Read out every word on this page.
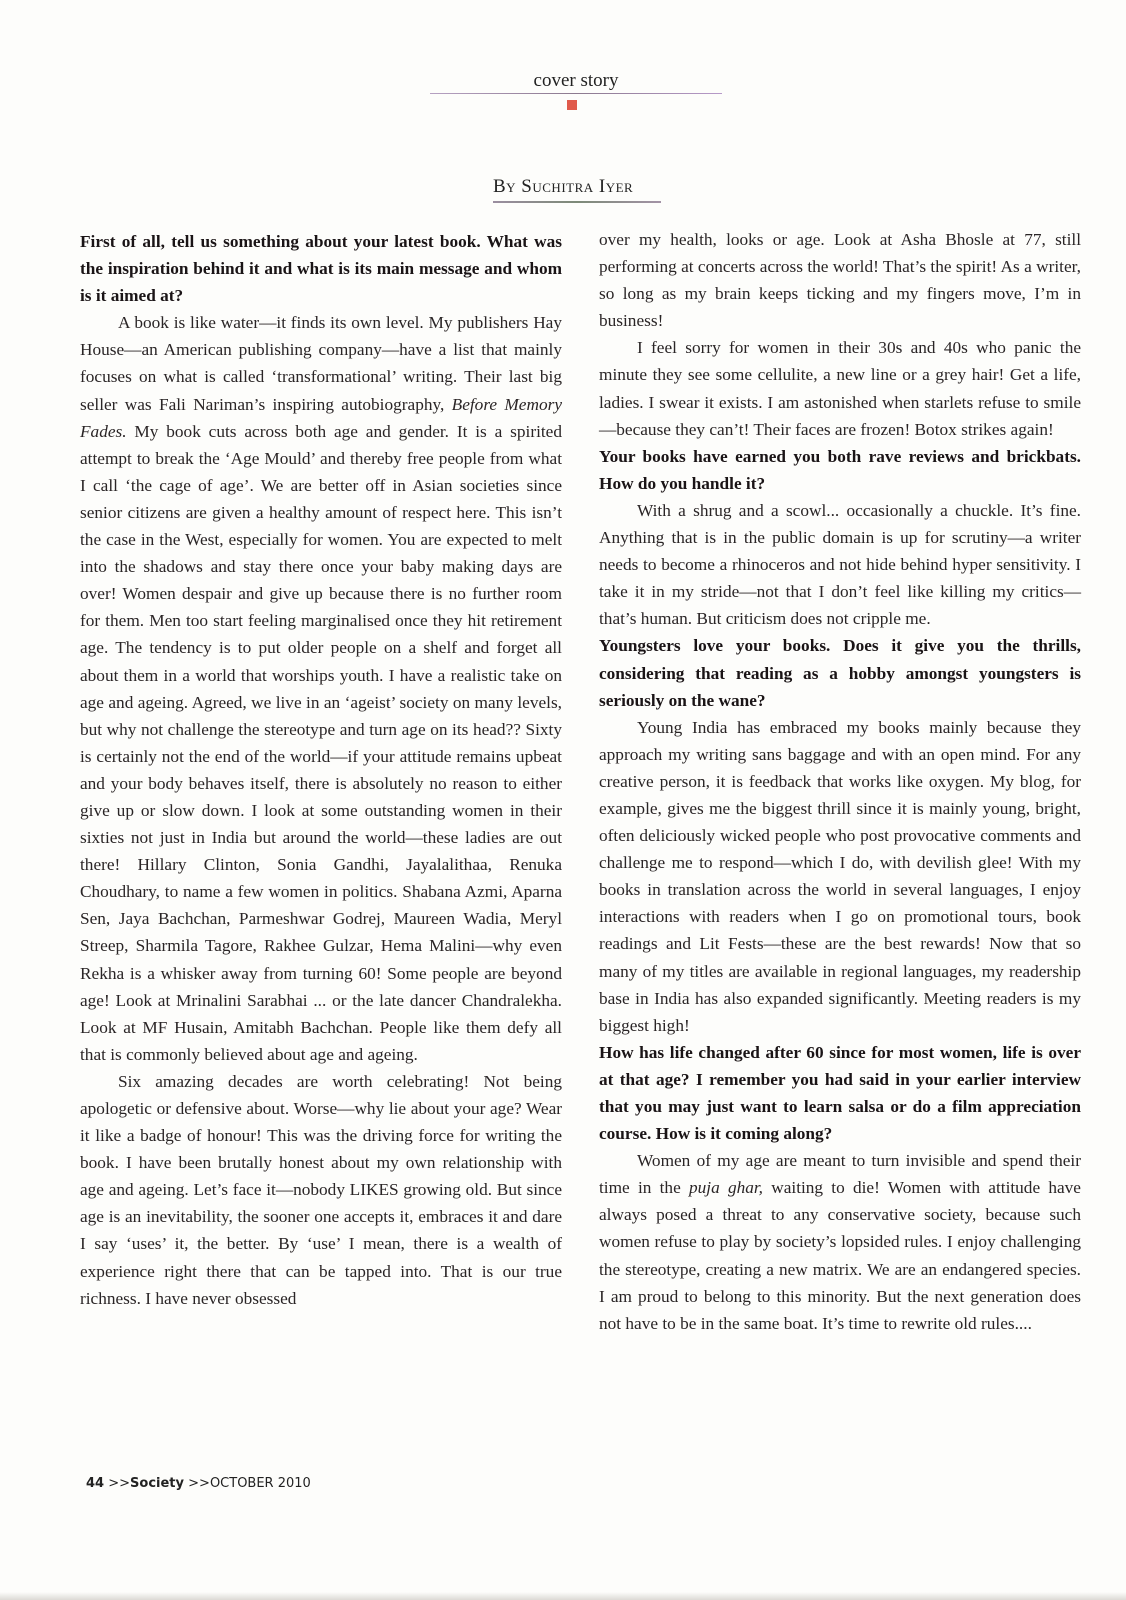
cover story
By Suchitra Iyer

First of all, tell us something about your latest book. What was the inspiration behind it and what is its main message and whom is it aimed at?

A book is like water—it finds its own level. My publishers Hay House—an American publishing company—have a list that mainly focuses on what is called ‘transformational’ writing. Their last big seller was Fali Nariman’s inspiring autobiography, Before Memory Fades. My book cuts across both age and gender. It is a spirited attempt to break the ‘Age Mould’ and thereby free people from what I call ‘the cage of age’. We are better off in Asian societies since senior citizens are given a healthy amount of respect here. This isn’t the case in the West, especially for women. You are expected to melt into the shadows and stay there once your baby making days are over! Women despair and give up because there is no further room for them. Men too start feeling marginalised once they hit retirement age. The tendency is to put older people on a shelf and forget all about them in a world that worships youth. I have a realistic take on age and ageing. Agreed, we live in an ‘ageist’ society on many levels, but why not challenge the stereotype and turn age on its head?? Sixty is certainly not the end of the world—if your attitude remains upbeat and your body behaves itself, there is absolutely no reason to either give up or slow down. I look at some outstanding women in their sixties not just in India but around the world—these ladies are out there! Hillary Clinton, Sonia Gandhi, Jayalalithaa, Renuka Choudhary, to name a few women in politics. Shabana Azmi, Aparna Sen, Jaya Bachchan, Parmeshwar Godrej, Maureen Wadia, Meryl Streep, Sharmila Tagore, Rakhee Gulzar, Hema Malini—why even Rekha is a whisker away from turning 60! Some people are beyond age! Look at Mrinalini Sarabhai ... or the late dancer Chandralekha. Look at MF Husain, Amitabh Bachchan. People like them defy all that is commonly believed about age and ageing.

Six amazing decades are worth celebrating! Not being apologetic or defensive about. Worse—why lie about your age? Wear it like a badge of honour! This was the driving force for writing the book. I have been brutally honest about my own relationship with age and ageing. Let’s face it—nobody LIKES growing old. But since age is an inevitability, the sooner one accepts it, embraces it and dare I say ‘uses’ it, the better. By ‘use’ I mean, there is a wealth of experience right there that can be tapped into. That is our true richness. I have never obsessed

over my health, looks or age. Look at Asha Bhosle at 77, still performing at concerts across the world! That’s the spirit! As a writer, so long as my brain keeps ticking and my fingers move, I’m in business!

I feel sorry for women in their 30s and 40s who panic the minute they see some cellulite, a new line or a grey hair! Get a life, ladies. I swear it exists. I am astonished when starlets refuse to smile—because they can’t! Their faces are frozen! Botox strikes again!

Your books have earned you both rave reviews and brickbats. How do you handle it?

With a shrug and a scowl... occasionally a chuckle. It’s fine. Anything that is in the public domain is up for scrutiny—a writer needs to become a rhinoceros and not hide behind hyper sensitivity. I take it in my stride—not that I don’t feel like killing my critics—that’s human. But criticism does not cripple me.

Youngsters love your books. Does it give you the thrills, considering that reading as a hobby amongst youngsters is seriously on the wane?

Young India has embraced my books mainly because they approach my writing sans baggage and with an open mind. For any creative person, it is feedback that works like oxygen. My blog, for example, gives me the biggest thrill since it is mainly young, bright, often deliciously wicked people who post provocative comments and challenge me to respond—which I do, with devilish glee! With my books in translation across the world in several languages, I enjoy interactions with readers when I go on promotional tours, book readings and Lit Fests—these are the best rewards! Now that so many of my titles are available in regional languages, my readership base in India has also expanded significantly. Meeting readers is my biggest high!

How has life changed after 60 since for most women, life is over at that age? I remember you had said in your earlier interview that you may just want to learn salsa or do a film appreciation course. How is it coming along?

Women of my age are meant to turn invisible and spend their time in the puja ghar, waiting to die! Women with attitude have always posed a threat to any conservative society, because such women refuse to play by society’s lopsided rules. I enjoy challenging the stereotype, creating a new matrix. We are an endangered species. I am proud to belong to this minority. But the next generation does not have to be in the same boat. It’s time to rewrite old rules....

44 >>Society >>OCTOBER 2010
